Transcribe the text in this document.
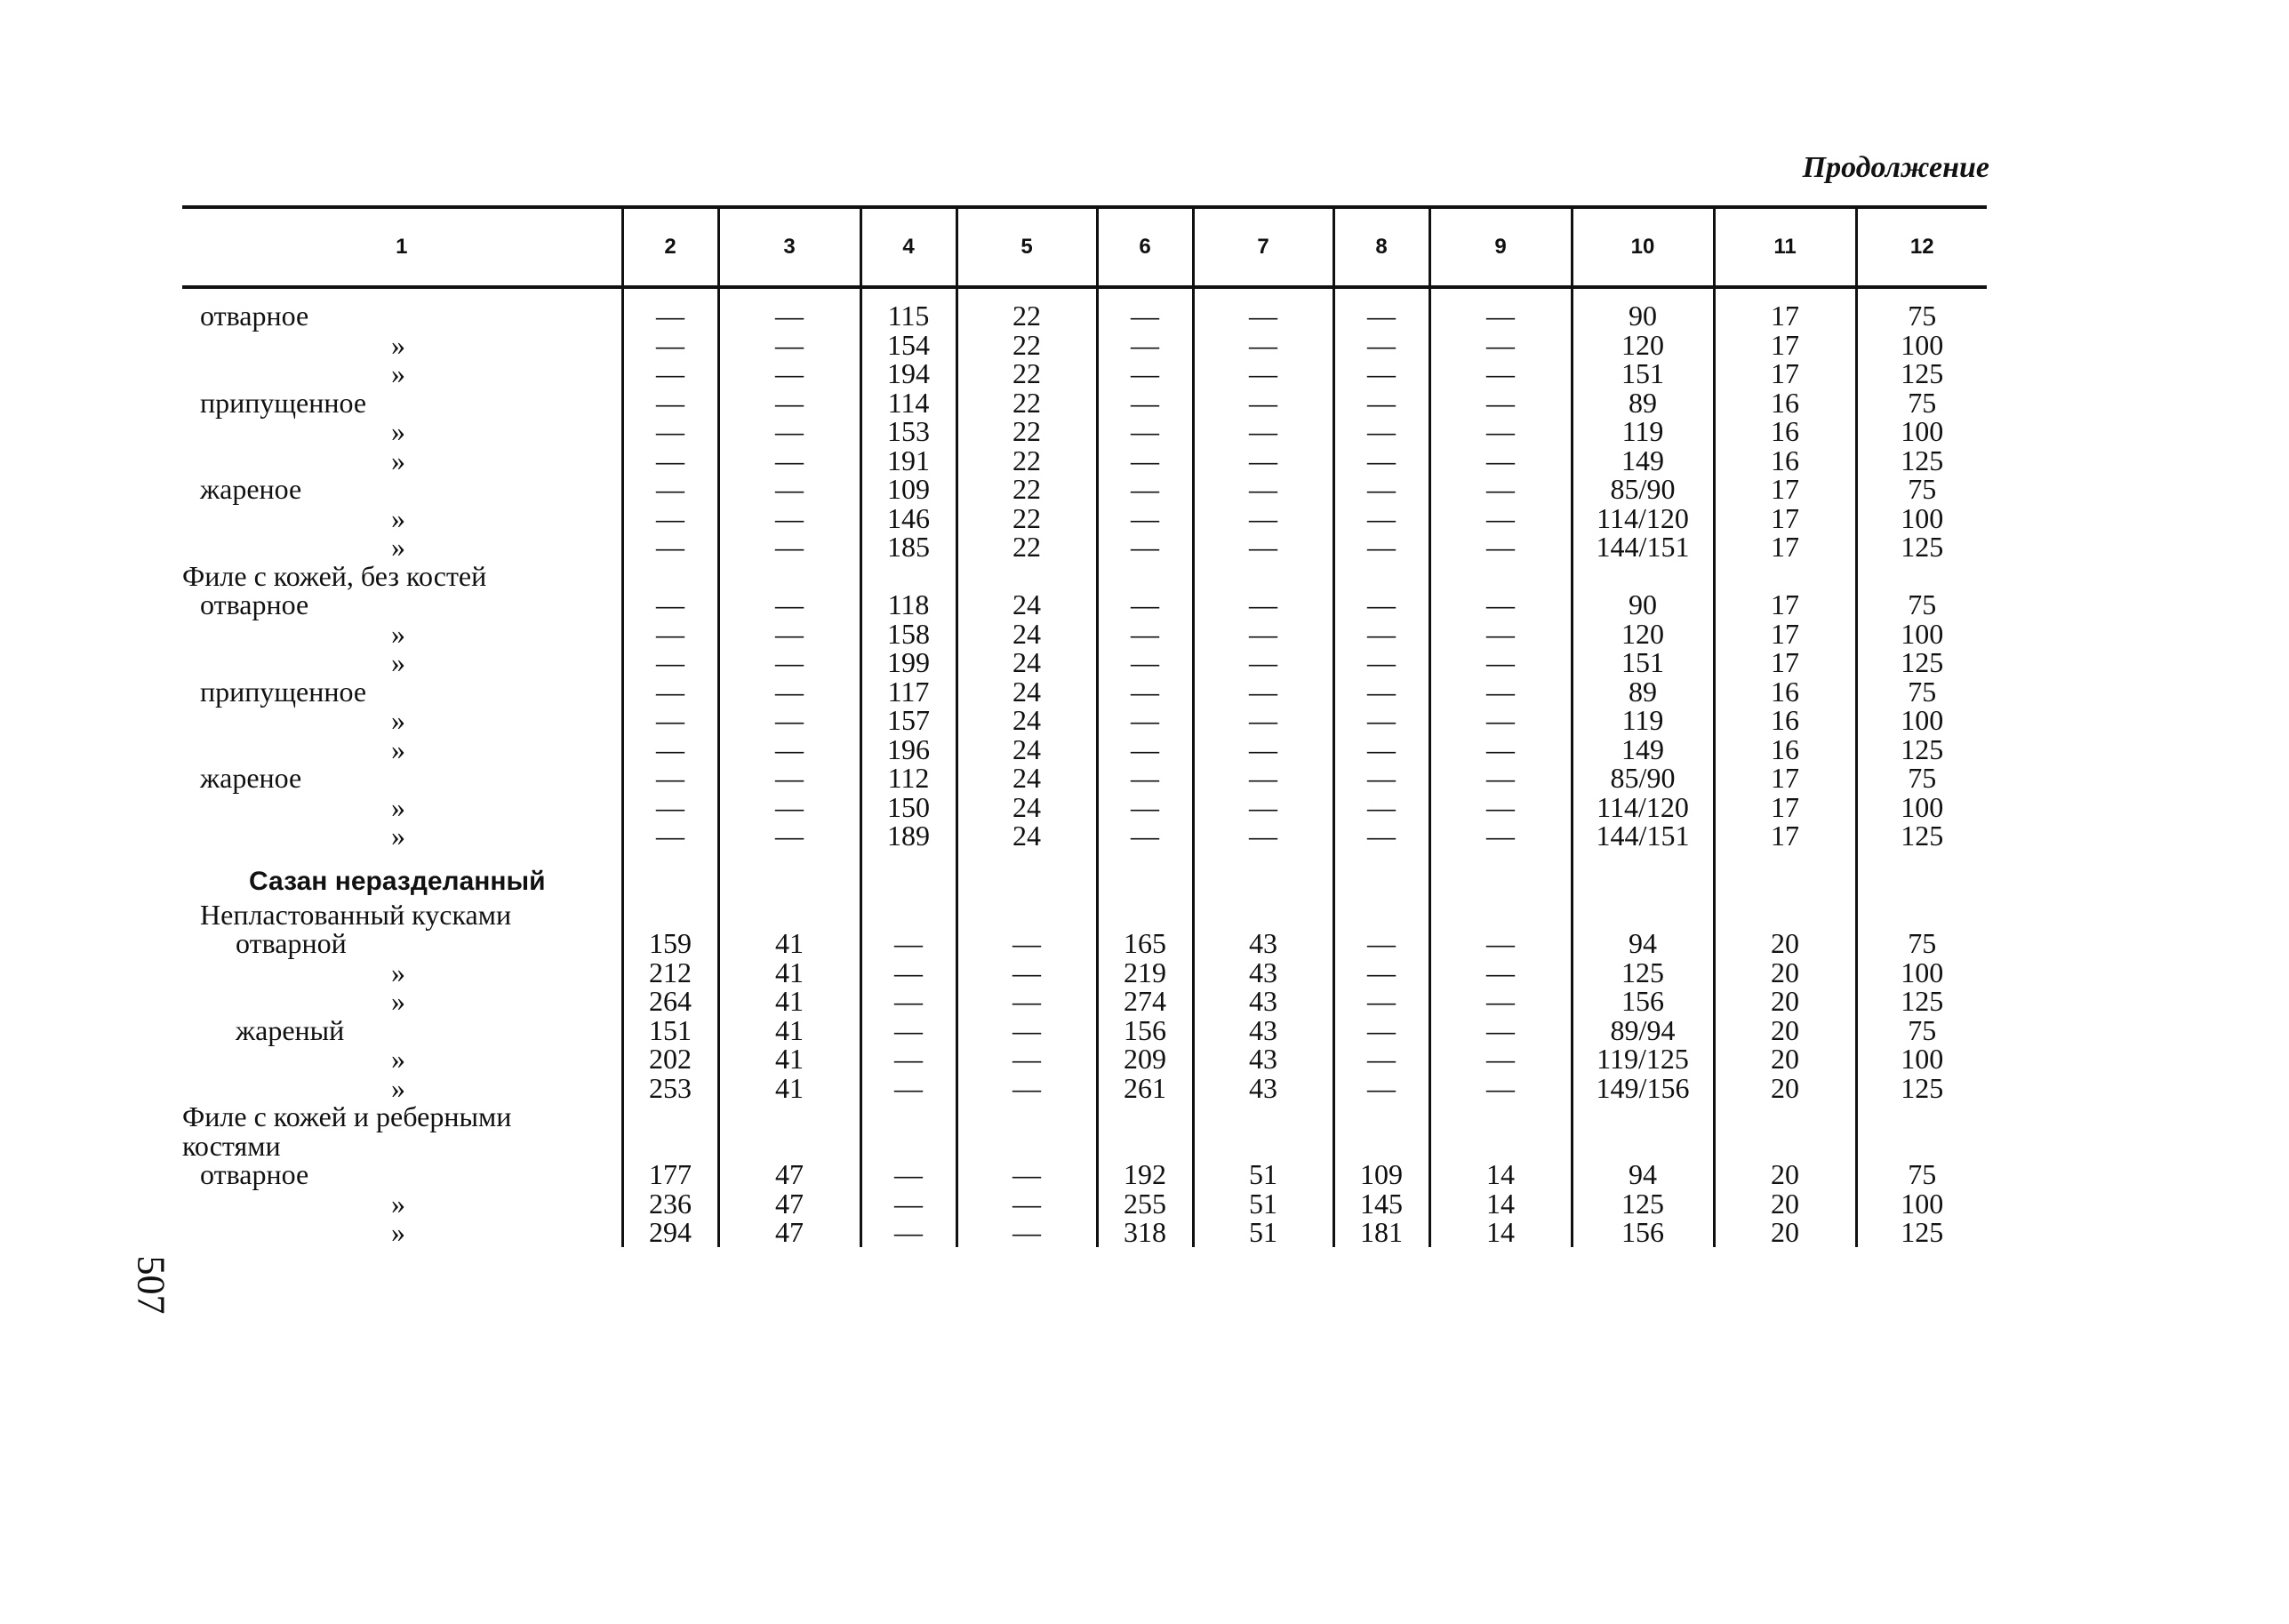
Продолжение
507
1	2	3	4	5	6	7	8	9	10	11	12

отварное	—	—	115	22	—	—	—	—	90	17	75
»	—	—	154	22	—	—	—	—	120	17	100
»	—	—	194	22	—	—	—	—	151	17	125
припущенное	—	—	114	22	—	—	—	—	89	16	75
»	—	—	153	22	—	—	—	—	119	16	100
»	—	—	191	22	—	—	—	—	149	16	125
жареное	—	—	109	22	—	—	—	—	85/90	17	75
»	—	—	146	22	—	—	—	—	114/120	17	100
»	—	—	185	22	—	—	—	—	144/151	17	125
Филе с кожей, без костей											
отварное	—	—	118	24	—	—	—	—	90	17	75
»	—	—	158	24	—	—	—	—	120	17	100
»	—	—	199	24	—	—	—	—	151	17	125
припущенное	—	—	117	24	—	—	—	—	89	16	75
»	—	—	157	24	—	—	—	—	119	16	100
»	—	—	196	24	—	—	—	—	149	16	125
жареное	—	—	112	24	—	—	—	—	85/90	17	75
»	—	—	150	24	—	—	—	—	114/120	17	100
»	—	—	189	24	—	—	—	—	144/151	17	125

Сазан неразделанный											
Непластованный кусками											
отварной	159	41	—	—	165	43	—	—	94	20	75
»	212	41	—	—	219	43	—	—	125	20	100
»	264	41	—	—	274	43	—	—	156	20	125
жареный	151	41	—	—	156	43	—	—	89/94	20	75
»	202	41	—	—	209	43	—	—	119/125	20	100
»	253	41	—	—	261	43	—	—	149/156	20	125
Филе с кожей и реберными											
костями											
отварное	177	47	—	—	192	51	109	14	94	20	75
»	236	47	—	—	255	51	145	14	125	20	100
»	294	47	—	—	318	51	181	14	156	20	125
